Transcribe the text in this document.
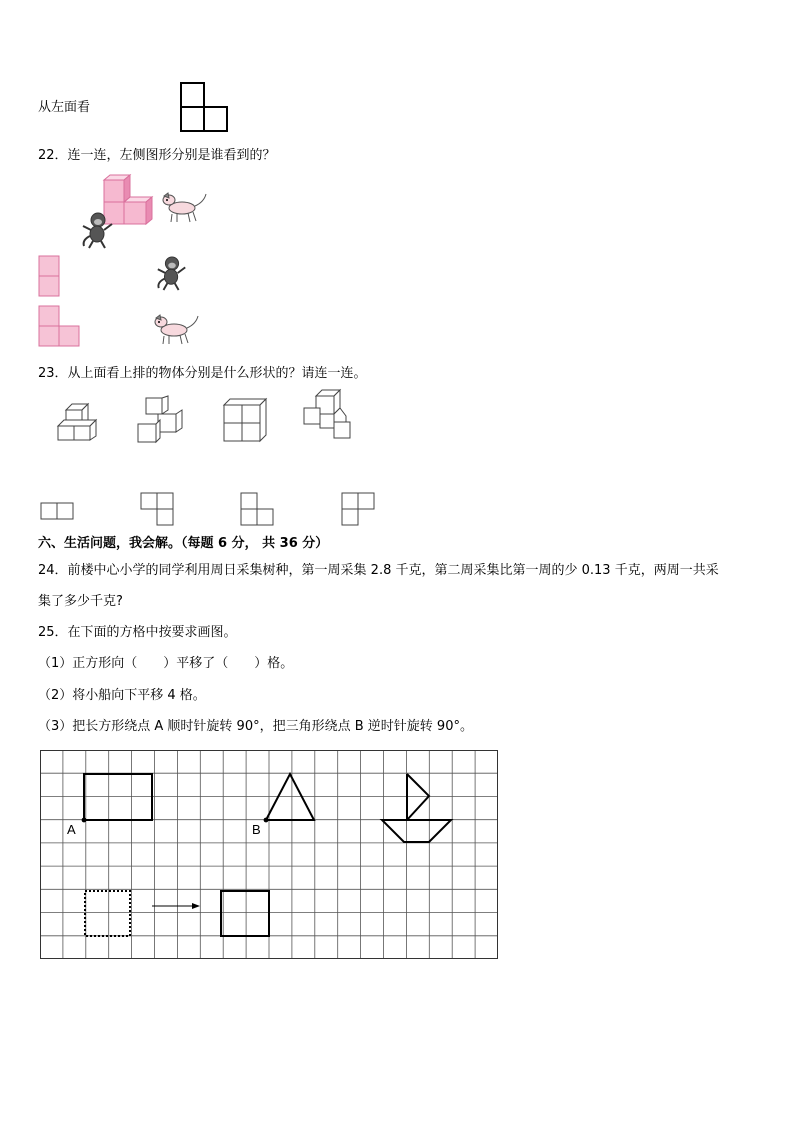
从左面看
22．连一连，左侧图形分别是谁看到的？
23．从上面看上排的物体分别是什么形状的？请连一连。
六、生活问题，我会解。（每题 6 分， 共 36 分）
24．前楼中心小学的同学利用周日采集树种，第一周采集 2.8 千克，第二周采集比第一周的少 0.13 千克，两周一共采
集了多少千克?
25．在下面的方格中按要求画图。
（1）正方形向（　　）平移了（　　）格。
（2）将小船向下平移 4 格。
（3）把长方形绕点 A 顺时针旋转 90°，把三角形绕点 B 逆时针旋转 90°。
A	B
